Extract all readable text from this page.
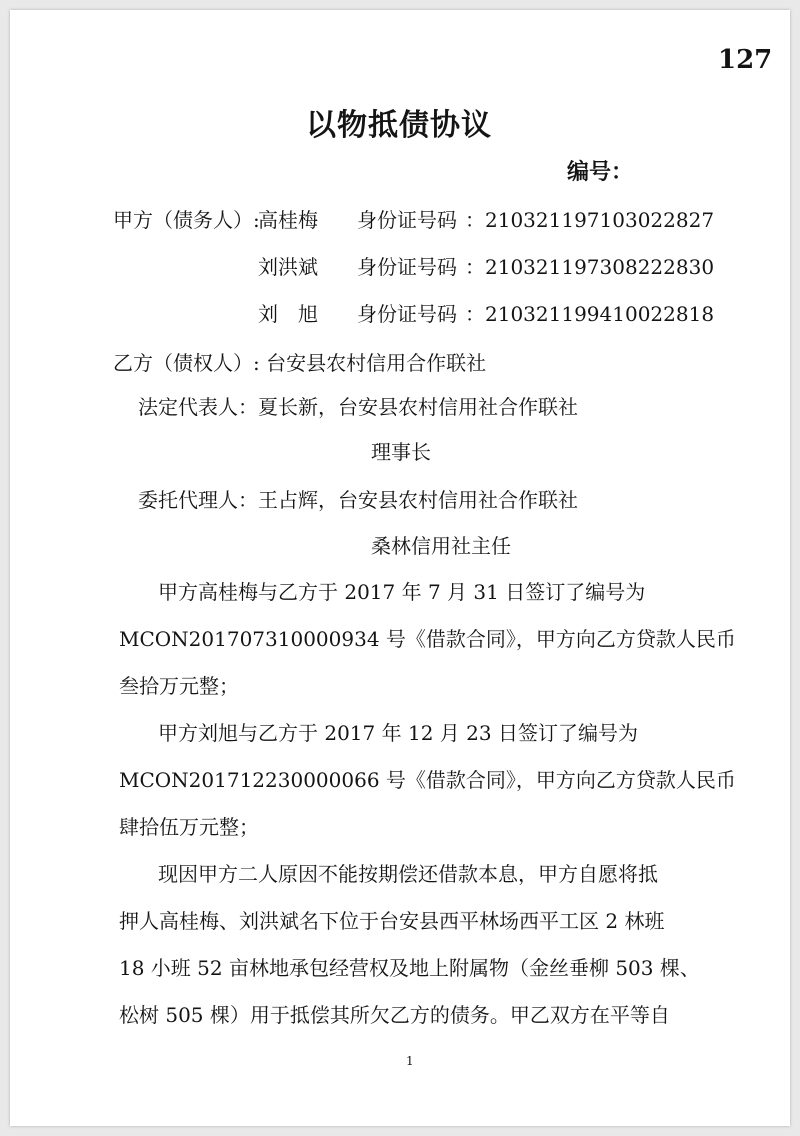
127
以物抵债协议
编号：
甲方（债务人）:
高桂梅 身份证号码 ：210321197103022827
刘洪斌 身份证号码 ：210321197308222830
刘　旭 身份证号码 ：210321199410022818
乙方（债权人）: 台安县农村信用合作联社
法定代表人：夏长新，台安县农村信用社合作联社
理事长
委托代理人：王占辉，台安县农村信用社合作联社
桑林信用社主任
甲方高桂梅与乙方于 2017 年 7 月 31 日签订了编号为
MCON201707310000934 号《借款合同》，甲方向乙方贷款人民币
叁拾万元整；
甲方刘旭与乙方于 2017 年 12 月 23 日签订了编号为
MCON201712230000066 号《借款合同》，甲方向乙方贷款人民币
肆拾伍万元整；
现因甲方二人原因不能按期偿还借款本息，甲方自愿将抵
押人高桂梅、刘洪斌名下位于台安县西平林场西平工区 2 林班
18 小班 52 亩林地承包经营权及地上附属物（金丝垂柳 503 棵、
松树 505 棵）用于抵偿其所欠乙方的债务。甲乙双方在平等自
1
